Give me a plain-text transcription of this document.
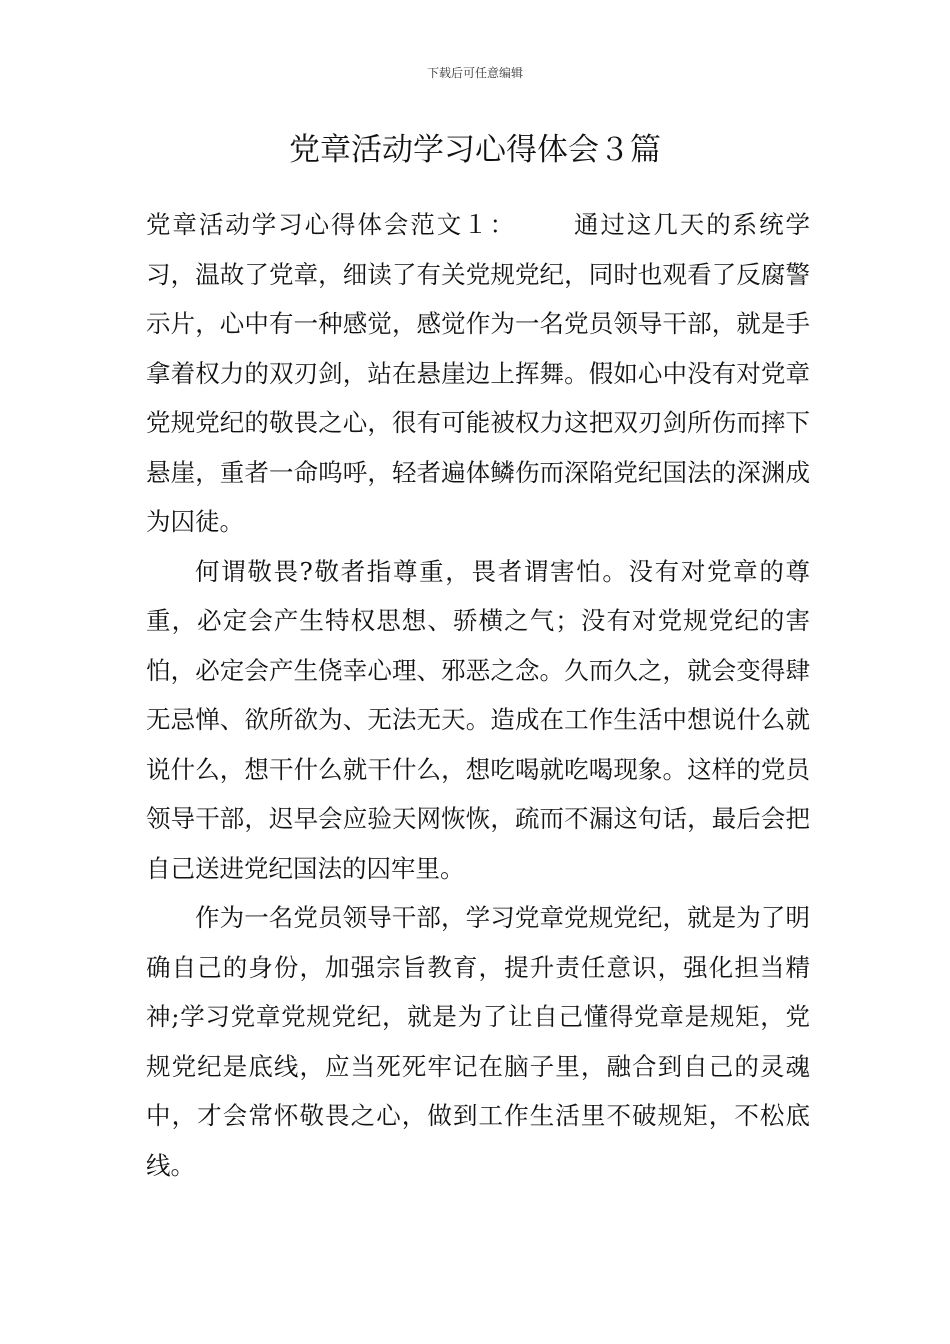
下载后可任意编辑
党章活动学习心得体会３篇

党章活动学习心得体会范文１： 通过这几天的系统学习，温故了党章，细读了有关党规党纪，同时也观看了反腐警示片，心中有一种感觉，感觉作为一名党员领导干部，就是手拿着权力的双刃剑，站在悬崖边上挥舞。假如心中没有对党章党规党纪的敬畏之心，很有可能被权力这把双刃剑所伤而摔下悬崖，重者一命呜呼，轻者遍体鳞伤而深陷党纪国法的深渊成为囚徒。

何谓敬畏?敬者指尊重，畏者谓害怕。没有对党章的尊重，必定会产生特权思想、骄横之气；没有对党规党纪的害怕，必定会产生侥幸心理、邪恶之念。久而久之，就会变得肆无忌惮、欲所欲为、无法无天。造成在工作生活中想说什么就说什么，想干什么就干什么，想吃喝就吃喝现象。这样的党员领导干部，迟早会应验天网恢恢，疏而不漏这句话，最后会把自己送进党纪国法的囚牢里。

作为一名党员领导干部，学习党章党规党纪，就是为了明确自己的身份，加强宗旨教育，提升责任意识，强化担当精神;学习党章党规党纪，就是为了让自己懂得党章是规矩，党规党纪是底线，应当死死牢记在脑子里，融合到自己的灵魂中，才会常怀敬畏之心，做到工作生活里不破规矩，不松底线。
